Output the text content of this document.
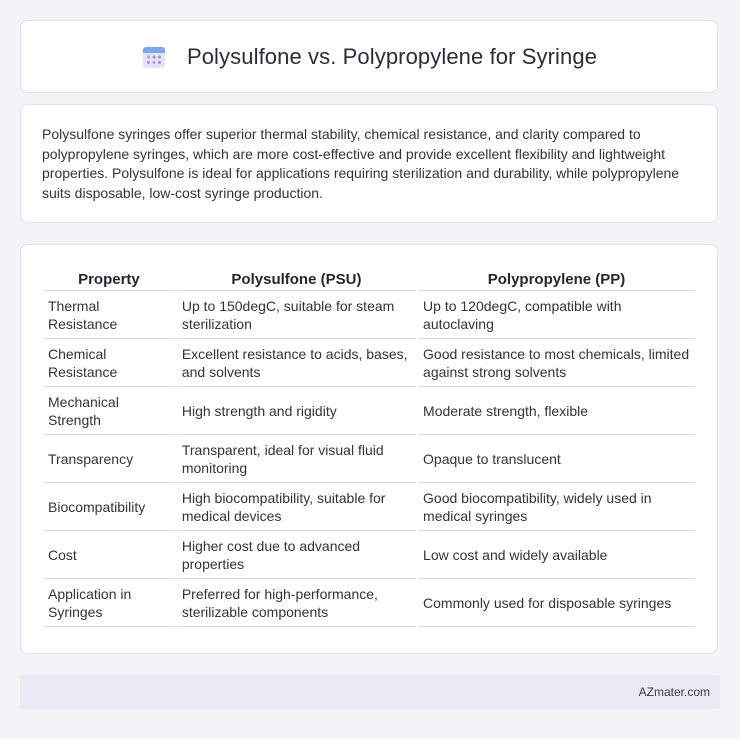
Polysulfone vs. Polypropylene for Syringe

Polysulfone syringes offer superior thermal stability, chemical resistance, and clarity compared to polypropylene syringes, which are more cost-effective and provide excellent flexibility and lightweight properties. Polysulfone is ideal for applications requiring sterilization and durability, while polypropylene suits disposable, low-cost syringe production.

Property	Polysulfone (PSU)	Polypropylene (PP)
Thermal Resistance	Up to 150degC, suitable for steam sterilization	Up to 120degC, compatible with autoclaving
Chemical Resistance	Excellent resistance to acids, bases, and solvents	Good resistance to most chemicals, limited against strong solvents
Mechanical Strength	High strength and rigidity	Moderate strength, flexible
Transparency	Transparent, ideal for visual fluid monitoring	Opaque to translucent
Biocompatibility	High biocompatibility, suitable for medical devices	Good biocompatibility, widely used in medical syringes
Cost	Higher cost due to advanced properties	Low cost and widely available
Application in Syringes	Preferred for high-performance, sterilizable components	Commonly used for disposable syringes
AZmater.com
